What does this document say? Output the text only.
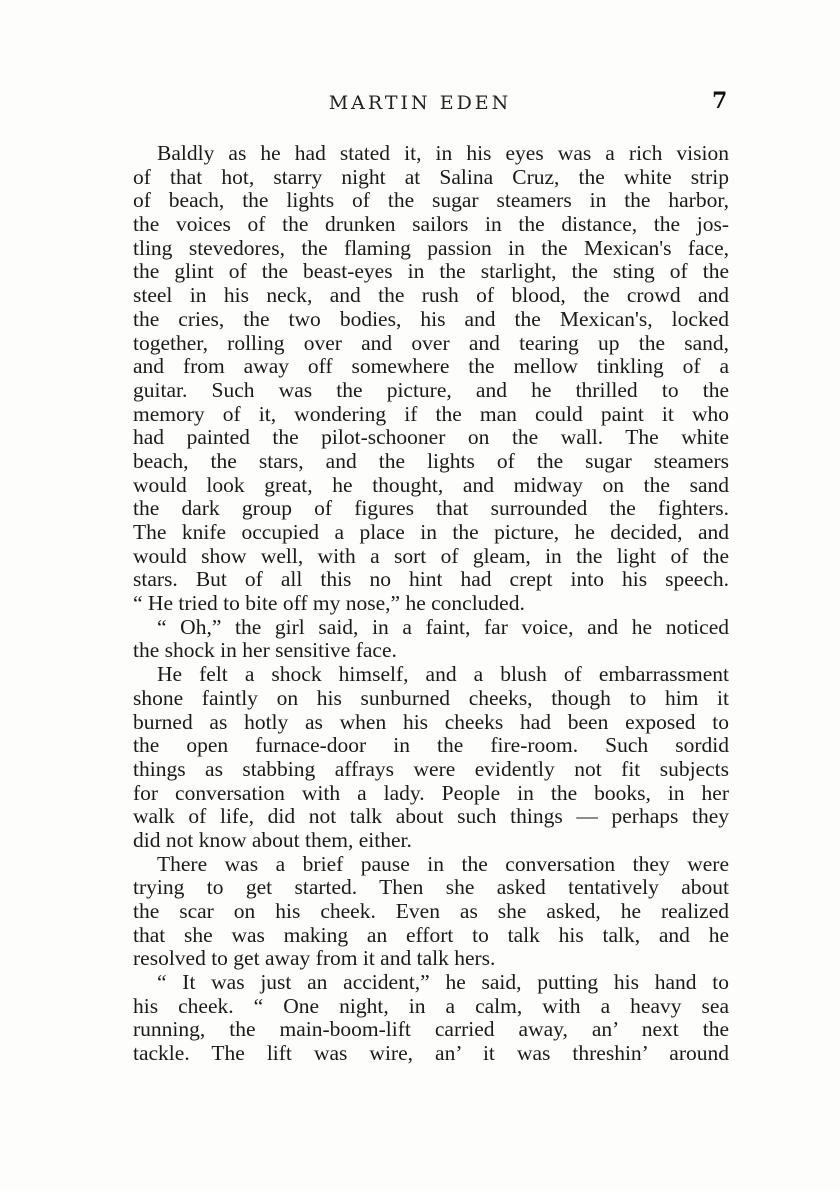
MARTIN EDEN	7
Baldly as he had stated it, in his eyes was a rich vision
of that hot, starry night at Salina Cruz, the white strip
of beach, the lights of the sugar steamers in the harbor,
the voices of the drunken sailors in the distance, the jos-
tling stevedores, the flaming passion in the Mexican's face,
the glint of the beast-eyes in the starlight, the sting of the
steel in his neck, and the rush of blood, the crowd and
the cries, the two bodies, his and the Mexican's, locked
together, rolling over and over and tearing up the sand,
and from away off somewhere the mellow tinkling of a
guitar. Such was the picture, and he thrilled to the
memory of it, wondering if the man could paint it who
had painted the pilot-schooner on the wall. The white
beach, the stars, and the lights of the sugar steamers
would look great, he thought, and midway on the sand
the dark group of figures that surrounded the fighters.
The knife occupied a place in the picture, he decided, and
would show well, with a sort of gleam, in the light of the
stars. But of all this no hint had crept into his speech.
“ He tried to bite off my nose,” he concluded.
“ Oh,” the girl said, in a faint, far voice, and he noticed
the shock in her sensitive face.
He felt a shock himself, and a blush of embarrassment
shone faintly on his sunburned cheeks, though to him it
burned as hotly as when his cheeks had been exposed to
the open furnace-door in the fire-room. Such sordid
things as stabbing affrays were evidently not fit subjects
for conversation with a lady. People in the books, in her
walk of life, did not talk about such things — perhaps they
did not know about them, either.
There was a brief pause in the conversation they were
trying to get started. Then she asked tentatively about
the scar on his cheek. Even as she asked, he realized
that she was making an effort to talk his talk, and he
resolved to get away from it and talk hers.
“ It was just an accident,” he said, putting his hand to
his cheek. “ One night, in a calm, with a heavy sea
running, the main-boom-lift carried away, an’ next the
tackle. The lift was wire, an’ it was threshin’ around
